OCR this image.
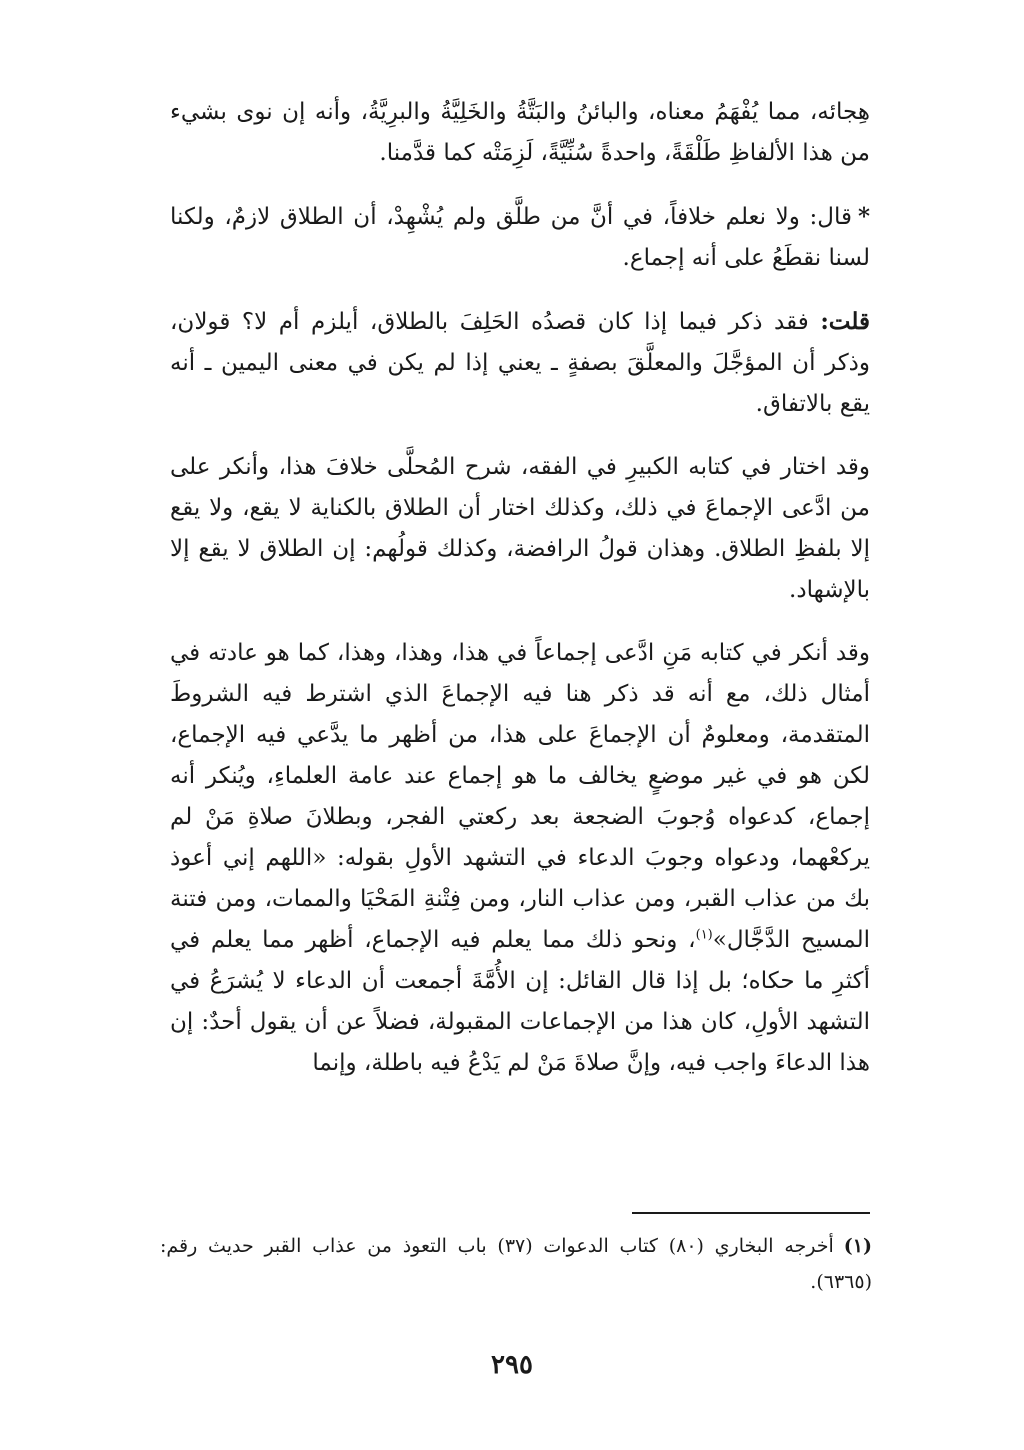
هِجائه، مما يُفْهَمُ معناه، والبائنُ والبَتَّةُ والخَلِيَّةُ والبرِيَّةُ، وأنه إن نوى بشيء من هذا الألفاظِ طَلْقَةً، واحدةً سُنِّيَّةً، لَزِمَتْه كما قدَّمنا.

*قال: ولا نعلم خلافاً، في أنَّ من طلَّق ولم يُشْهِدْ، أن الطلاق لازمٌ، ولكنا لسنا نقطَعُ على أنه إجماع.

قلت: فقد ذكر فيما إذا كان قصدُه الحَلِفَ بالطلاق، أيلزم أم لا؟ قولان، وذكر أن المؤجَّلَ والمعلَّقَ بصفةٍ ـ يعني إذا لم يكن في معنى اليمين ـ أنه يقع بالاتفاق.

وقد اختار في كتابه الكبيرِ في الفقه، شرح المُحلَّى خلافَ هذا، وأنكر على من ادَّعى الإجماعَ في ذلك، وكذلك اختار أن الطلاق بالكناية لا يقع، ولا يقع إلا بلفظِ الطلاق. وهذان قولُ الرافضة، وكذلك قولُهم: إن الطلاق لا يقع إلا بالإشهاد.

وقد أنكر في كتابه مَنِ ادَّعى إجماعاً في هذا، وهذا، وهذا، كما هو عادته في أمثال ذلك، مع أنه قد ذكر هنا فيه الإجماعَ الذي اشترط فيه الشروطَ المتقدمة، ومعلومٌ أن الإجماعَ على هذا، من أظهر ما يدَّعي فيه الإجماع، لكن هو في غير موضعٍ يخالف ما هو إجماع عند عامة العلماءِ، ويُنكر أنه إجماع، كدعواه وُجوبَ الضجعة بعد ركعتي الفجر، وبطلانَ صلاةِ مَنْ لم يركعْهما، ودعواه وجوبَ الدعاء في التشهد الأولِ بقوله: «اللهم إني أعوذ بك من عذاب القبر، ومن عذاب النار، ومن فِتْنةِ المَحْيَا والممات، ومن فتنة المسيح الدَّجَّال»$^{(١)}$، ونحو ذلك مما يعلم فيه الإجماع، أظهر مما يعلم في أكثرِ ما حكاه؛ بل إذا قال القائل: إن الأُمَّةَ أجمعت أن الدعاء لا يُشرَعُ في التشهد الأولِ، كان هذا من الإجماعات المقبولة، فضلاً عن أن يقول أحدٌ: إن هذا الدعاءَ واجب فيه، وإنَّ صلاةَ مَنْ لم يَدْعُ فيه باطلة، وإنما

(١)أخرجه البخاري (٨٠) كتاب الدعوات (٣٧) باب التعوذ من عذاب القبر حديث رقم: (٦٣٦٥).
٢٩٥
